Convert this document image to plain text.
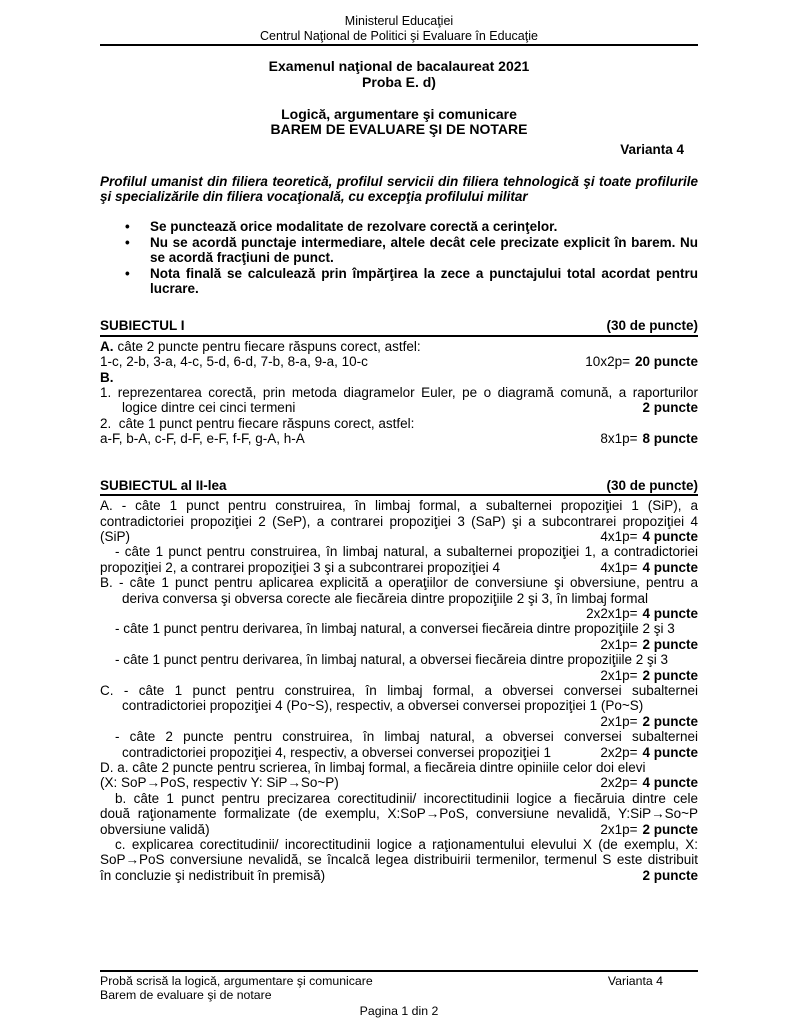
Ministerul Educaţiei
Centrul Naţional de Politici şi Evaluare în Educaţie
Examenul naţional de bacalaureat 2021
Proba E. d)
Logică, argumentare şi comunicare
BAREM DE EVALUARE ŞI DE NOTARE
Varianta 4
Profilul umanist din filiera teoretică, profilul servicii din filiera tehnologică şi toate profilurile şi specializările din filiera vocaţională, cu excepţia profilului militar
• Se punctează orice modalitate de rezolvare corectă a cerinţelor.
• Nu se acordă punctaje intermediare, altele decât cele precizate explicit în barem. Nu se acordă fracţiuni de punct.
• Nota finală se calculează prin împărţirea la zece a punctajului total acordat pentru lucrare.
SUBIECTUL I	(30 de puncte)
A. câte 2 puncte pentru fiecare răspuns corect, astfel:
1-c, 2-b, 3-a, 4-c, 5-d, 6-d, 7-b, 8-a, 9-a, 10-c	10x2p= 20 puncte
B.
1. reprezentarea corectă, prin metoda diagramelor Euler, pe o diagramă comună, a raporturilor
logice dintre cei cinci termeni	2 puncte
2.  câte 1 punct pentru fiecare răspuns corect, astfel:
a-F, b-A, c-F, d-F, e-F, f-F, g-A, h-A	8x1p= 8 puncte
SUBIECTUL al II-lea	(30 de puncte)
A. - câte 1 punct pentru construirea, în limbaj formal, a subalternei propoziţiei 1 (SiP), a
contradictoriei propoziţiei 2 (SeP), a contrarei propoziţiei 3 (SaP) şi a subcontrarei propoziţiei 4
(SiP)	4x1p= 4 puncte
- câte 1 punct pentru construirea, în limbaj natural, a subalternei propoziţiei 1, a contradictoriei
propoziţiei 2, a contrarei propoziţiei 3 şi a subcontrarei propoziţiei 4	4x1p= 4 puncte
B. - câte 1 punct pentru aplicarea explicită a operaţiilor de conversiune şi obversiune, pentru a
deriva conversa şi obversa corecte ale fiecăreia dintre propoziţiile 2 şi 3, în limbaj formal
2x2x1p= 4 puncte
- câte 1 punct pentru derivarea, în limbaj natural, a conversei fiecăreia dintre propoziţiile 2 şi 3
2x1p= 2 puncte
- câte 1 punct pentru derivarea, în limbaj natural, a obversei fiecăreia dintre propoziţiile 2 şi 3
2x1p= 2 puncte
C. - câte 1 punct pentru construirea, în limbaj formal, a obversei conversei subalternei
contradictoriei propoziţiei 4 (Po~S), respectiv, a obversei conversei propoziţiei 1 (Po~S)
2x1p= 2 puncte
- câte 2 puncte pentru construirea, în limbaj natural, a obversei conversei subalternei
contradictoriei propoziţiei 4, respectiv, a obversei conversei propoziţiei 1	2x2p= 4 puncte
D. a. câte 2 puncte pentru scrierea, în limbaj formal, a fiecăreia dintre opiniile celor doi elevi
(X: SoP→PoS, respectiv Y: SiP→So~P)	2x2p= 4 puncte
b. câte 1 punct pentru precizarea corectitudinii/ incorectitudinii logice a fiecăruia dintre cele
două raţionamente formalizate (de exemplu, X:SoP→PoS, conversiune nevalidă, Y:SiP→So~P
obversiune validă)	2x1p= 2 puncte
c. explicarea corectitudinii/ incorectitudinii logice a raţionamentului elevului X (de exemplu, X:
SoP→PoS conversiune nevalidă, se încalcă legea distribuirii termenilor, termenul S este distribuit
în concluzie şi nedistribuit în premisă)	2 puncte
Probă scrisă la logică, argumentare şi comunicare	Varianta 4
Barem de evaluare şi de notare
Pagina 1 din 2
